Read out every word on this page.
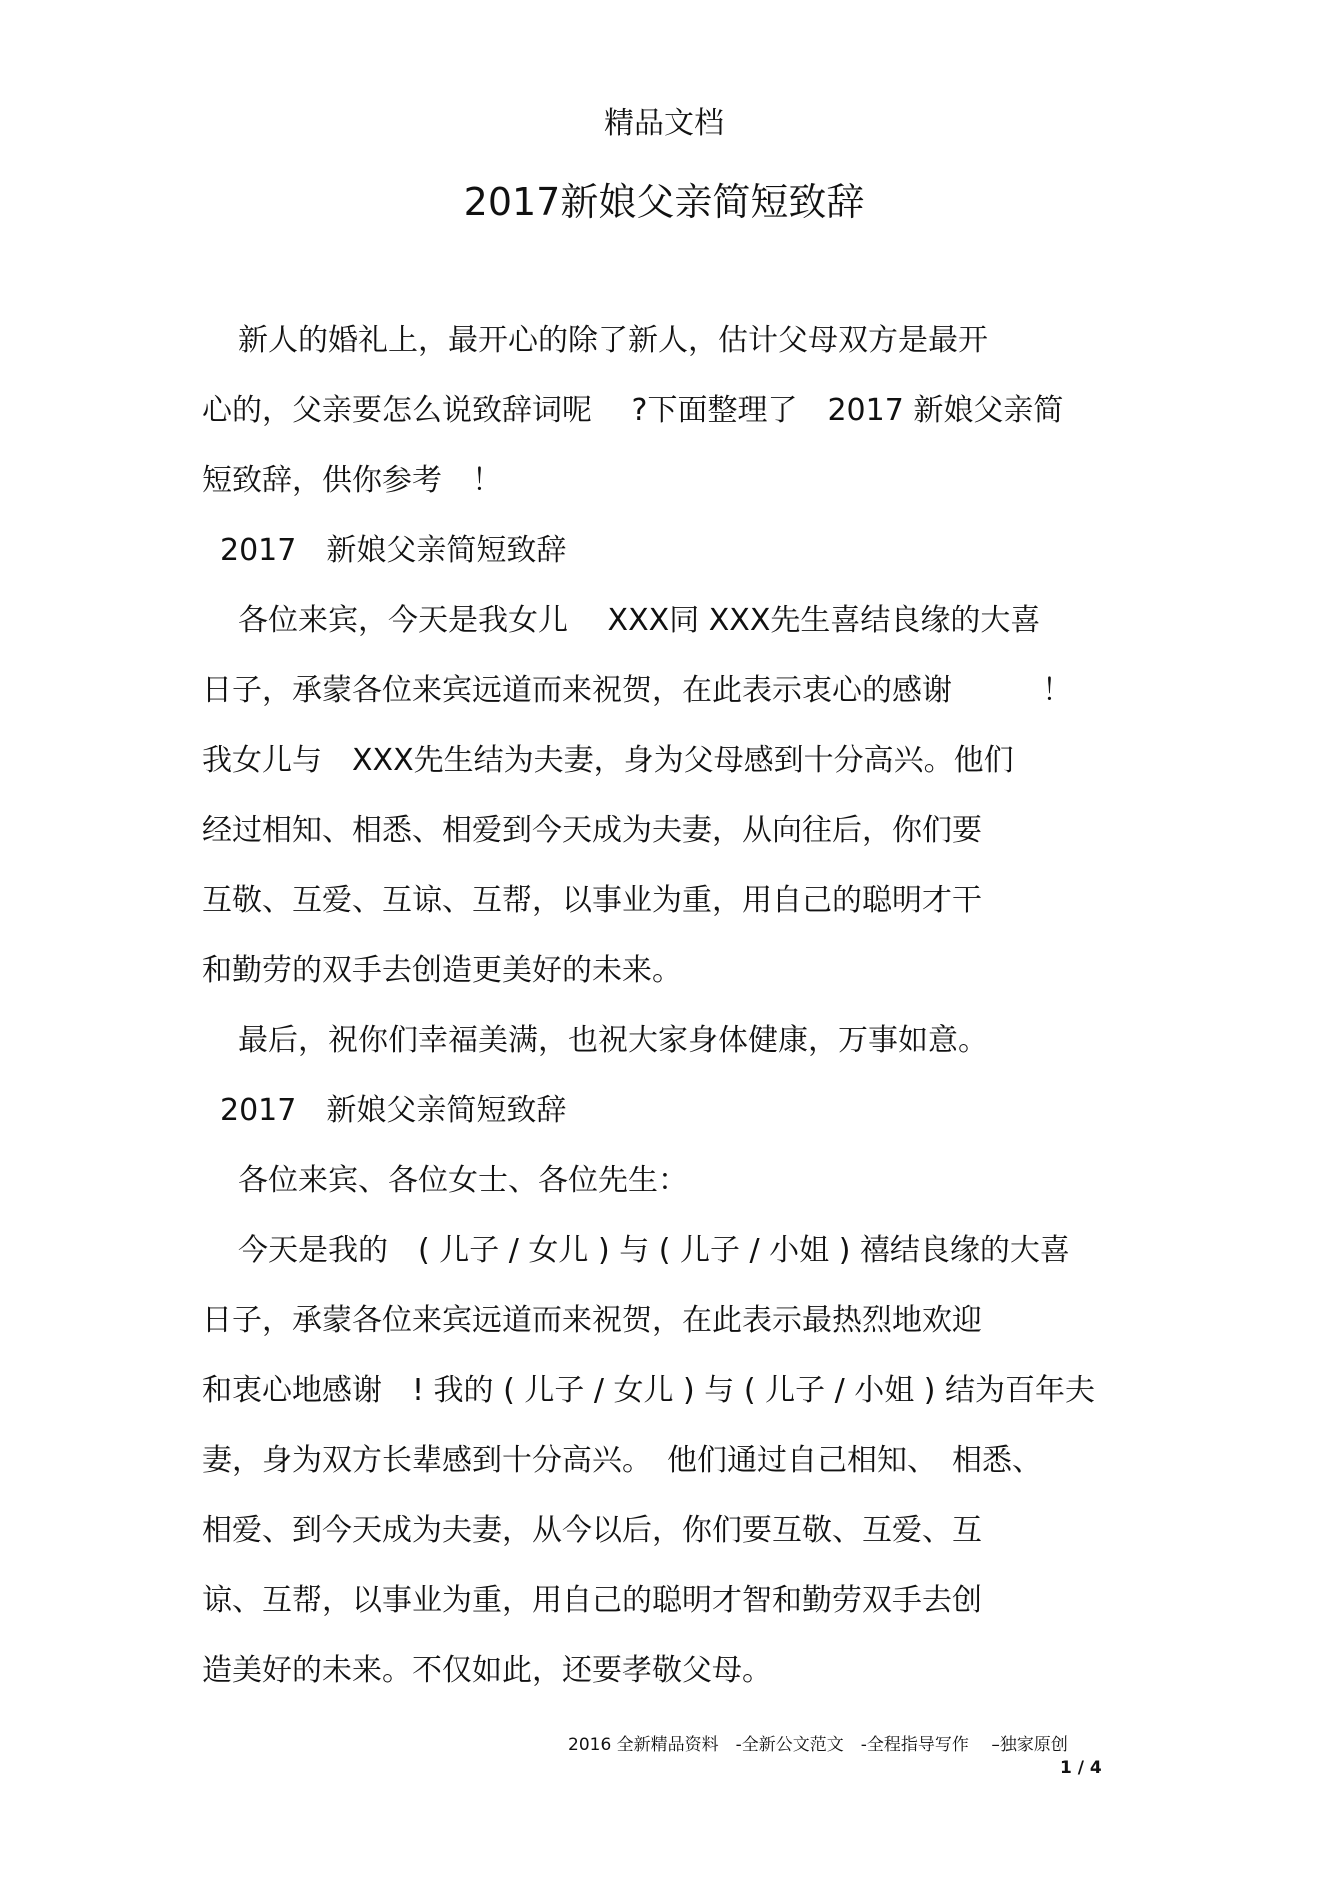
精品文档
2017新娘父亲简短致辞
新人的婚礼上，最开心的除了新人，估计父母双方是最开
心的，父亲要怎么说致辞词呢　 ?下面整理了　2017 新娘父亲简
短致辞，供你参考　！
2017　新娘父亲简短致辞
各位来宾，今天是我女儿　 XXX同 XXX先生喜结良缘的大喜
日子，承蒙各位来宾远道而来祝贺，在此表示衷心的感谢　　　！
我女儿与　XXX先生结为夫妻，身为父母感到十分高兴。他们
经过相知、相悉、相爱到今天成为夫妻，从向往后，你们要
互敬、互爱、互谅、互帮，以事业为重，用自己的聪明才干
和勤劳的双手去创造更美好的未来。
最后，祝你们幸福美满，也祝大家身体健康，万事如意。
2017　新娘父亲简短致辞
各位来宾、各位女士、各位先生：
今天是我的　( 儿子 / 女儿 ) 与 ( 儿子 / 小姐 ) 禧结良缘的大喜
日子，承蒙各位来宾远道而来祝贺，在此表示最热烈地欢迎
和衷心地感谢　! 我的 ( 儿子 / 女儿 ) 与 ( 儿子 / 小姐 ) 结为百年夫
妻，身为双方长辈感到十分高兴。　他们通过自己相知、　相悉、
相爱、到今天成为夫妻，从今以后，你们要互敬、互爱、互
谅、互帮，以事业为重，用自己的聪明才智和勤劳双手去创
造美好的未来。不仅如此，还要孝敬父母。
2016 全新精品资料　-全新公文范文　-全程指导写作　 –独家原创
1 / 4
